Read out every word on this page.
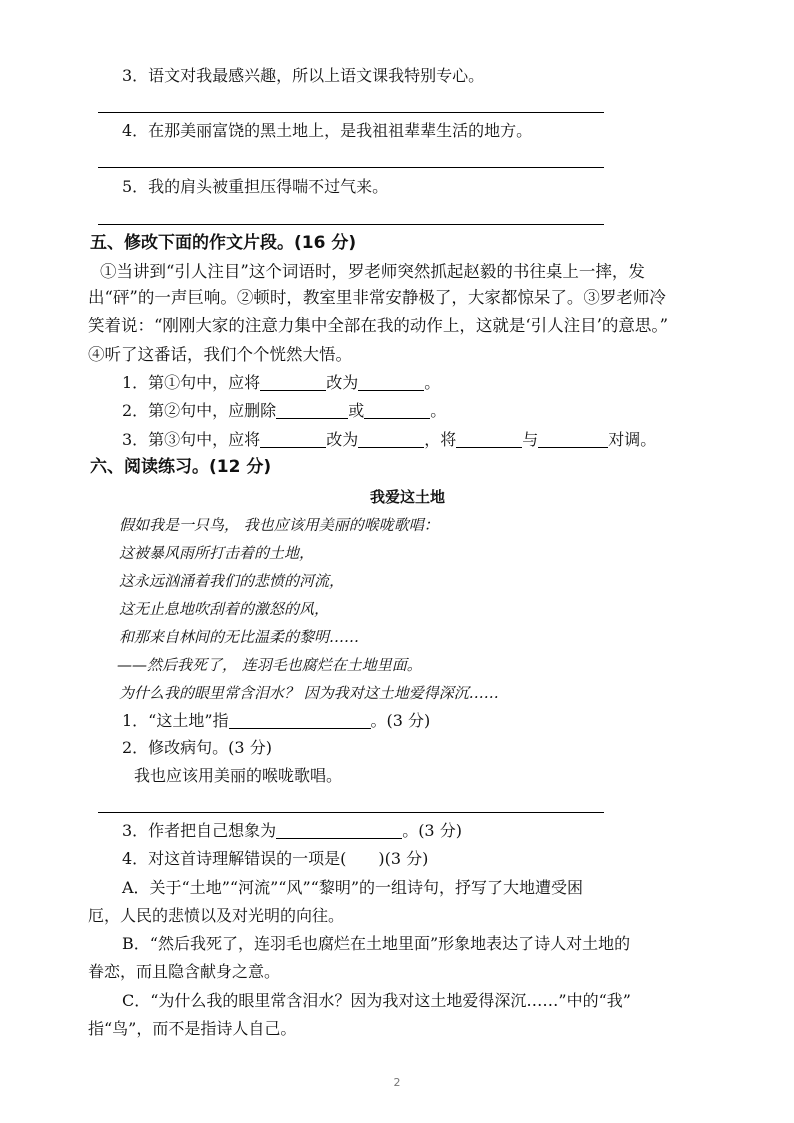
3．语文对我最感兴趣，所以上语文课我特别专心。
4．在那美丽富饶的黑土地上，是我祖祖辈辈生活的地方。
5．我的肩头被重担压得喘不过气来。
五、修改下面的作文片段。(16 分)
①当讲到“引人注目”这个词语时，罗老师突然抓起赵毅的书往桌上一摔，发
出“砰”的一声巨响。②顿时，教室里非常安静极了，大家都惊呆了。③罗老师冷
笑着说：“刚刚大家的注意力集中全部在我的动作上，这就是‘引人注目’的意思。”
④听了这番话，我们个个恍然大悟。
1．第①句中，应将	改为	。
2．第②句中，应删除	或	。
3．第③句中，应将	改为	，将	与	对调。
六、阅读练习。(12 分)
我爱这土地
假如我是一只鸟， 我也应该用美丽的喉咙歌唱：
这被暴风雨所打击着的土地，
这永远汹涌着我们的悲愤的河流，
这无止息地吹刮着的激怒的风，
和那来自林间的无比温柔的黎明……
——然后我死了， 连羽毛也腐烂在土地里面。
为什么我的眼里常含泪水？ 因为我对这土地爱得深沉……
1．“这土地”指	。(3 分)
2．修改病句。(3 分)
我也应该用美丽的喉咙歌唱。
3．作者把自己想象为	。(3 分)
4．对这首诗理解错误的一项是(　　)(3 分)
A．关于“土地”“河流”“风”“黎明”的一组诗句，抒写了大地遭受困
厄，人民的悲愤以及对光明的向往。
B．“然后我死了，连羽毛也腐烂在土地里面”形象地表达了诗人对土地的
眷恋，而且隐含献身之意。
C．“为什么我的眼里常含泪水？因为我对这土地爱得深沉……”中的“我”
指“鸟”，而不是指诗人自己。
2
